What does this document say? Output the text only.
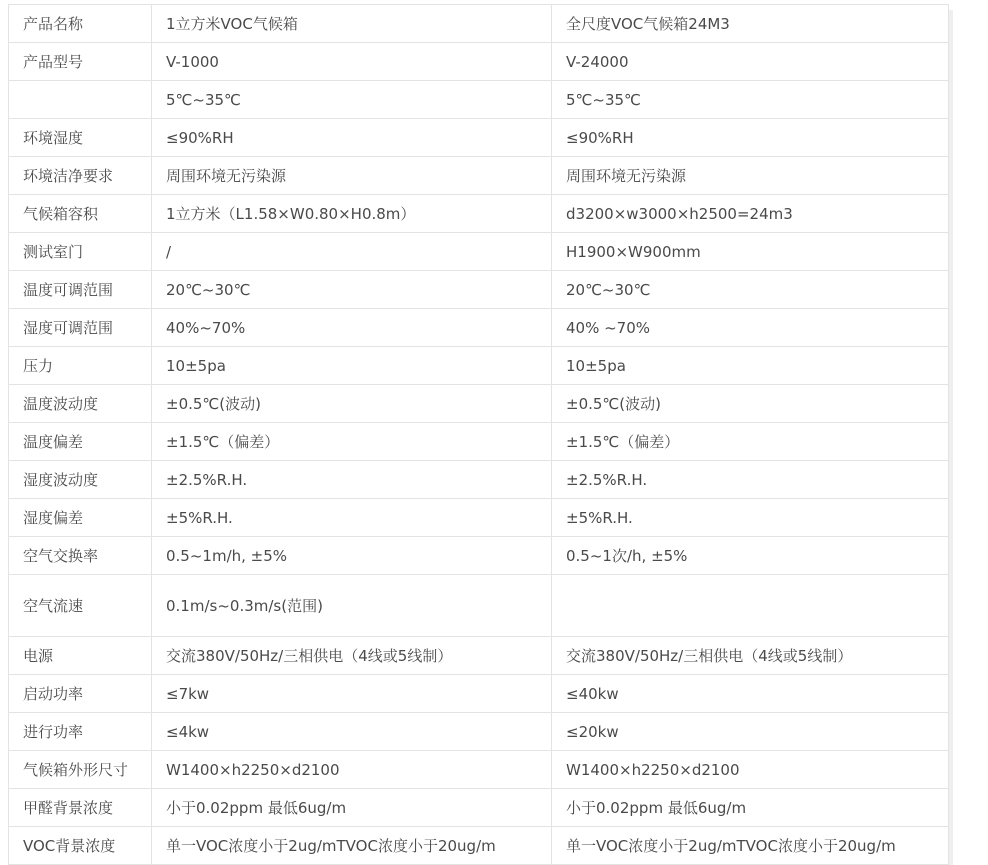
产品名称	1立方米VOC气候箱	全尺度VOC气候箱24M3
产品型号	V-1000	V-24000
	5℃~35℃	5℃~35℃
环境湿度	≤90%RH	≤90%RH
环境洁净要求	周围环境无污染源	周围环境无污染源
气候箱容积	1立方米（L1.58×W0.80×H0.8m）	d3200×w3000×h2500=24m3
测试室门	/	H1900×W900mm
温度可调范围	20℃~30℃	20℃~30℃
湿度可调范围	40%~70%	40% ~70%
压力	10±5pa	10±5pa
温度波动度	±0.5℃(波动)	±0.5℃(波动)
温度偏差	±1.5℃（偏差）	±1.5℃（偏差）
湿度波动度	±2.5%R.H.	±2.5%R.H.
湿度偏差	±5%R.H.	±5%R.H.
空气交换率	0.5~1m/h, ±5%	0.5~1次/h, ±5%
空气流速	0.1m/s~0.3m/s(范围)	
电源	交流380V/50Hz/三相供电（4线或5线制）	交流380V/50Hz/三相供电（4线或5线制）
启动功率	≤7kw	≤40kw
进行功率	≤4kw	≤20kw
气候箱外形尺寸	W1400×h2250×d2100	W1400×h2250×d2100
甲醛背景浓度	小于0.02ppm 最低6ug/m	小于0.02ppm 最低6ug/m
VOC背景浓度	单一VOC浓度小于2ug/mTVOC浓度小于20ug/m	单一VOC浓度小于2ug/mTVOC浓度小于20ug/m
